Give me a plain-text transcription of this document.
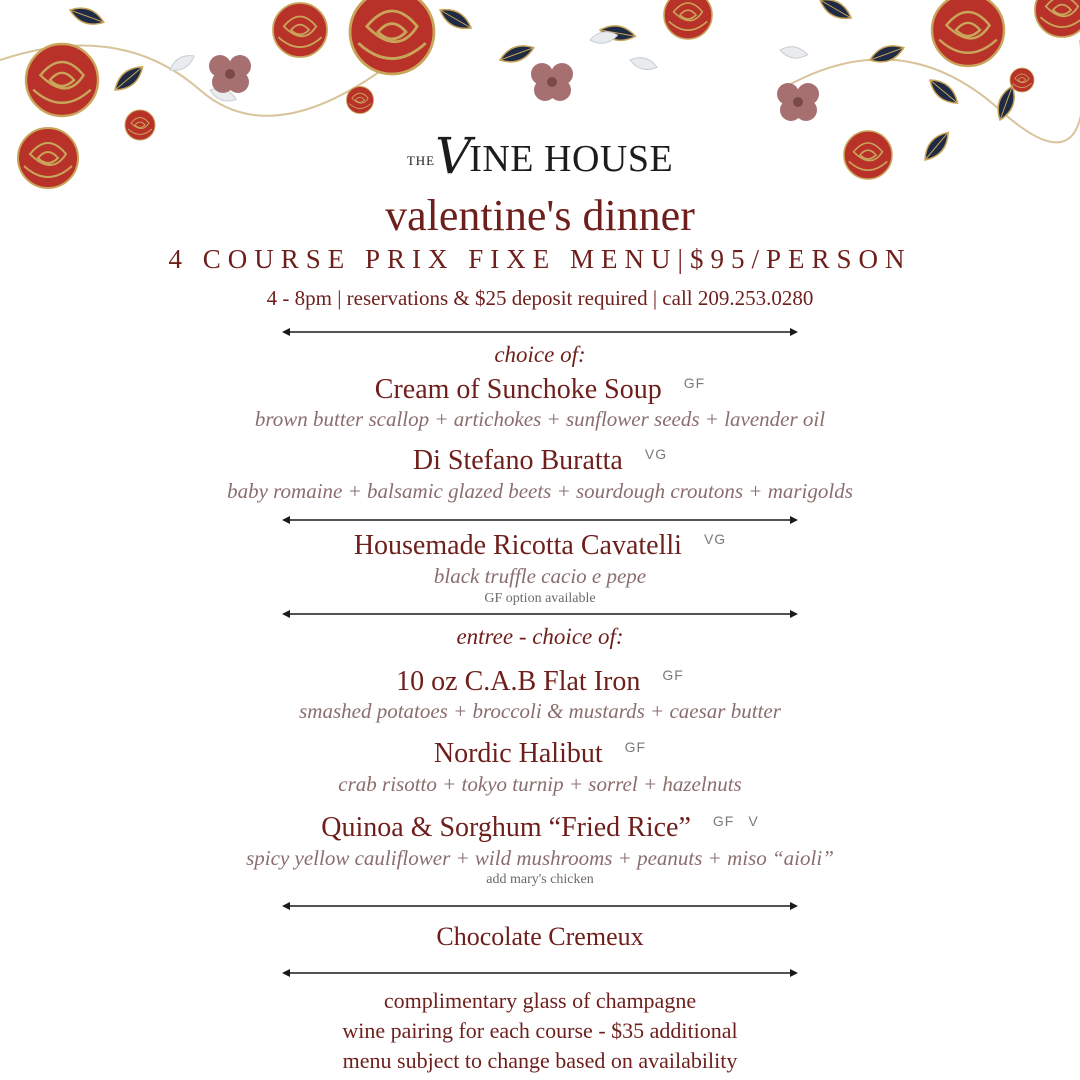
THE V
INE HOUSE
valentine's dinner
4 COURSE PRIX FIXE MENU|$95/PERSON
4 - 8pm | reservations & $25 deposit required | call 209.253.0280
choice of:
Cream of Sunchoke Soup $^{GF}$
brown butter scallop + artichokes + sunflower seeds + lavender oil
Di Stefano Buratta $^{VG}$
baby romaine + balsamic glazed beets + sourdough croutons + marigolds
Housemade Ricotta Cavatelli $^{VG}$
black truffle cacio e pepe
GF option available
entree - choice of:
10 oz C.A.B Flat Iron $^{GF}$
smashed potatoes + broccoli & mustards + caesar butter
Nordic Halibut $^{GF}$
crab risotto + tokyo turnip + sorrel + hazelnuts
Quinoa & Sorghum “Fried Rice” $^{GF}$ $^V$
spicy yellow cauliflower + wild mushrooms + peanuts + miso “aioli”
add mary's chicken
Chocolate Cremeux
complimentary glass of champagne
wine pairing for each course - $35 additional
menu subject to change based on availability
